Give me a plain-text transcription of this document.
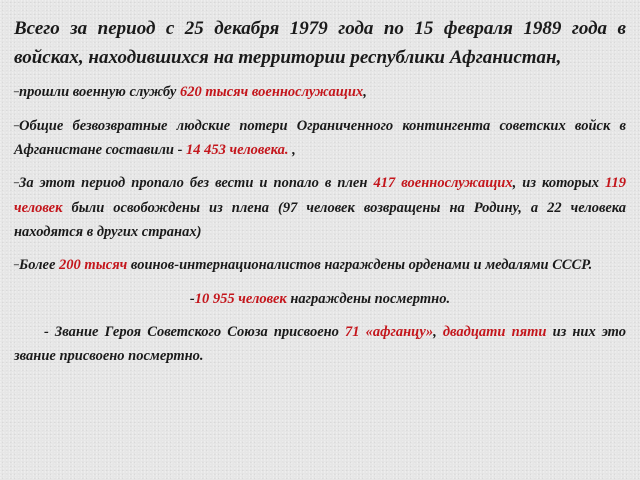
Всего за период с 25 декабря 1979 года по 15 февраля 1989 года в войсках, находившихся на территории республики Афганистан,

–прошли военную службу 620 тысяч военнослужащих,

–Общие безвозвратные людские потери Ограниченного контингента советских войск в Афганистане составили - 14 453 человека. ,

–За этот период пропало без вести и попало в плен 417 военнослужащих, из которых 119 человек были освобождены из плена (97 человек возвращены на Родину, а 22 человека находятся в других странах)

–Более 200 тысяч воинов-интернационалистов награждены орденами и медалями СССР.

-10 955 человек награждены посмертно.

- Звание Героя Советского Союза присвоено 71 «афганцу», двадцати пяти из них это звание присвоено посмертно.
